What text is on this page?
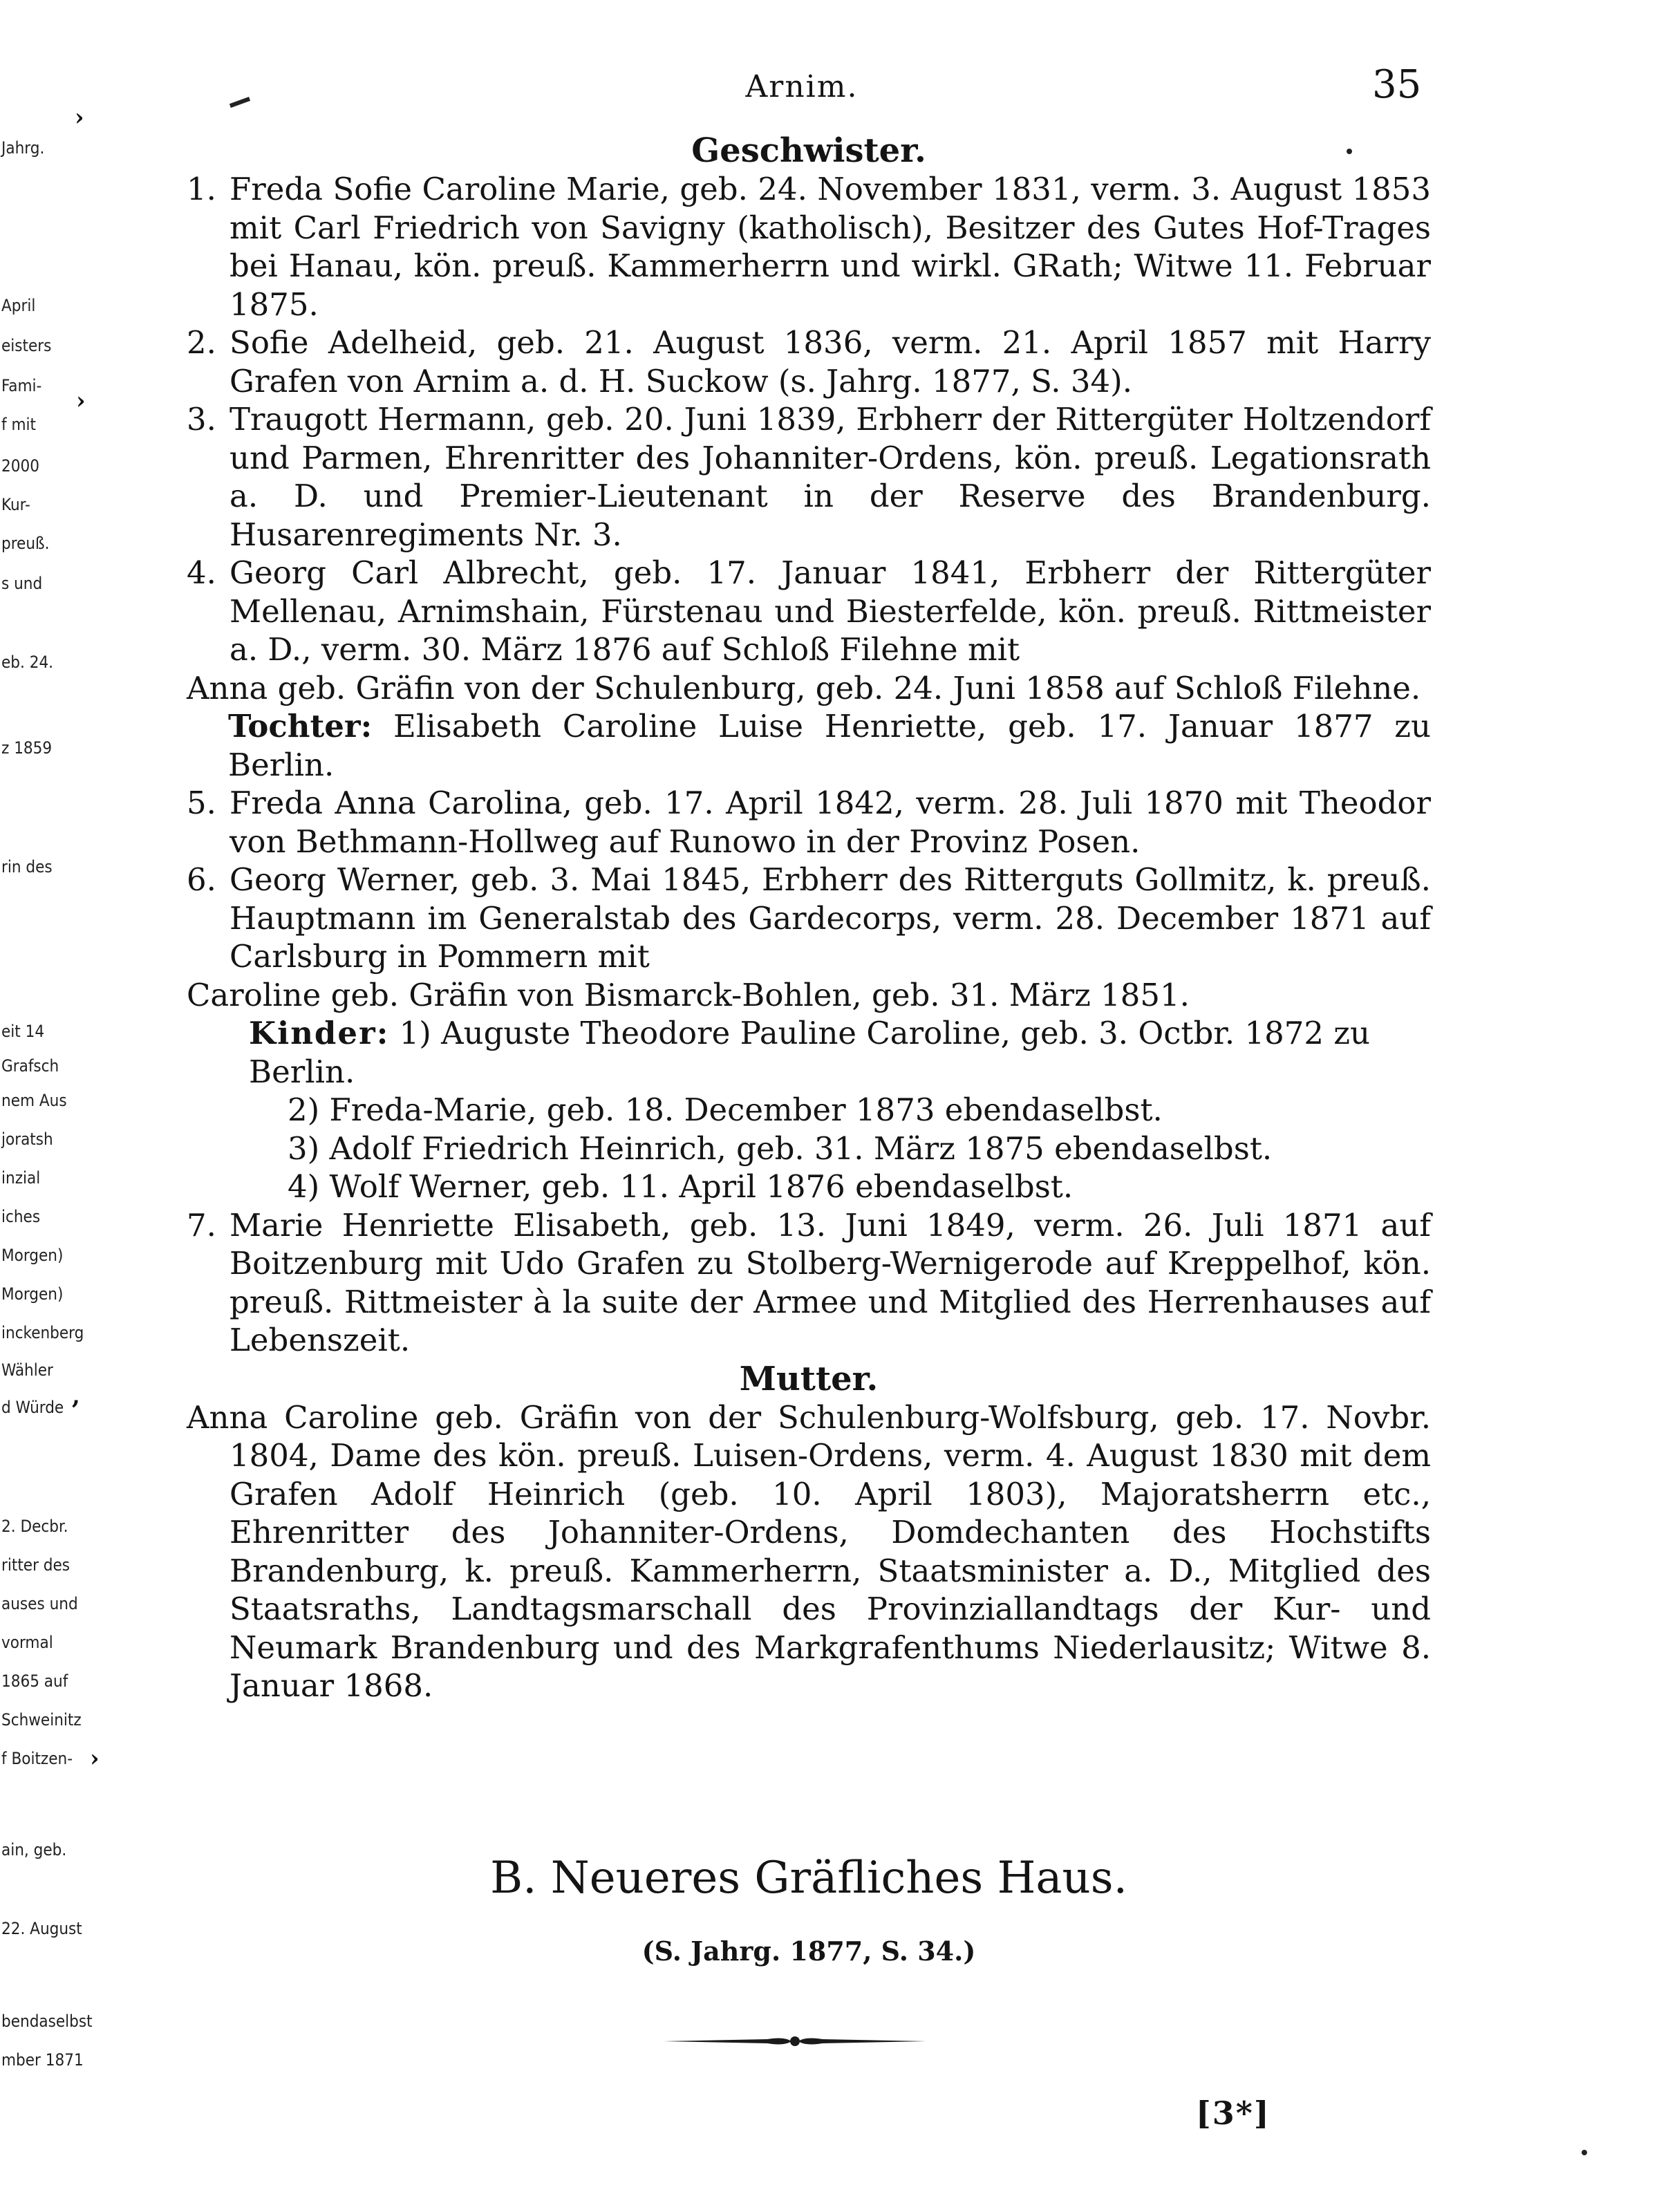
Arnim.	35
Jahrg.
April
eisters
Fami-
f mit
2000
Kur-
preuß.
s und
eb. 24.
z 1859
rin des
eit 14
Grafsch
nem Aus
joratsh
inzial
iches
Morgen)
Morgen)
inckenberg
Wähler
d Würde
2. Decbr.
ritter des
auses und
vormal
1865 auf
Schweinitz
f Boitzen-
ain, geb.
22. August
bendaselbst
mber 1871
›
›
,
›
Geschwister.
1. Freda Sofie Caroline Marie, geb. 24. November 1831, verm. 3. August 1853 mit Carl Friedrich von Savigny (katholisch), Besitzer des Gutes Hof-Trages bei Hanau, kön. preuß. Kammerherrn und wirkl. GRath; Witwe 11. Februar 1875.
2. Sofie Adelheid, geb. 21. August 1836, verm. 21. April 1857 mit Harry Grafen von Arnim a. d. H. Suckow (s. Jahrg. 1877, S. 34).
3. Traugott Hermann, geb. 20. Juni 1839, Erbherr der Rittergüter Holtzendorf und Parmen, Ehrenritter des Johanniter-Ordens, kön. preuß. Legationsrath a. D. und Premier-Lieutenant in der Reserve des Brandenburg. Husarenregiments Nr. 3.
4. Georg Carl Albrecht, geb. 17. Januar 1841, Erbherr der Rittergüter Mellenau, Arnimshain, Fürstenau und Biesterfelde, kön. preuß. Rittmeister a. D., verm. 30. März 1876 auf Schloß Filehne mit
Anna geb. Gräfin von der Schulenburg, geb. 24. Juni 1858 auf Schloß Filehne.
Tochter: Elisabeth Caroline Luise Henriette, geb. 17. Januar 1877 zu Berlin.
5. Freda Anna Carolina, geb. 17. April 1842, verm. 28. Juli 1870 mit Theodor von Bethmann-Hollweg auf Runowo in der Provinz Posen.
6. Georg Werner, geb. 3. Mai 1845, Erbherr des Ritterguts Gollmitz, k. preuß. Hauptmann im Generalstab des Gardecorps, verm. 28. December 1871 auf Carlsburg in Pommern mit
Caroline geb. Gräfin von Bismarck-Bohlen, geb. 31. März 1851.
Kinder: 1) Auguste Theodore Pauline Caroline, geb. 3. Octbr. 1872 zu Berlin.
2) Freda-Marie, geb. 18. December 1873 ebendaselbst.
3) Adolf Friedrich Heinrich, geb. 31. März 1875 ebendaselbst.
4) Wolf Werner, geb. 11. April 1876 ebendaselbst.
7. Marie Henriette Elisabeth, geb. 13. Juni 1849, verm. 26. Juli 1871 auf Boitzenburg mit Udo Grafen zu Stolberg-Wernigerode auf Kreppelhof, kön. preuß. Rittmeister à la suite der Armee und Mitglied des Herrenhauses auf Lebenszeit.
Mutter.
Anna Caroline geb. Gräfin von der Schulenburg-Wolfsburg, geb. 17. Novbr. 1804, Dame des kön. preuß. Luisen-Ordens, verm. 4. August 1830 mit dem Grafen Adolf Heinrich (geb. 10. April 1803), Majoratsherrn etc., Ehrenritter des Johanniter-Ordens, Domdechanten des Hochstifts Brandenburg, k. preuß. Kammerherrn, Staatsminister a. D., Mitglied des Staatsraths, Landtagsmarschall des Provinziallandtags der Kur- und Neumark Brandenburg und des Markgrafenthums Niederlausitz; Witwe 8. Januar 1868.
B. Neueres Gräfliches Haus.
(S. Jahrg. 1877, S. 34.)
[3*]
